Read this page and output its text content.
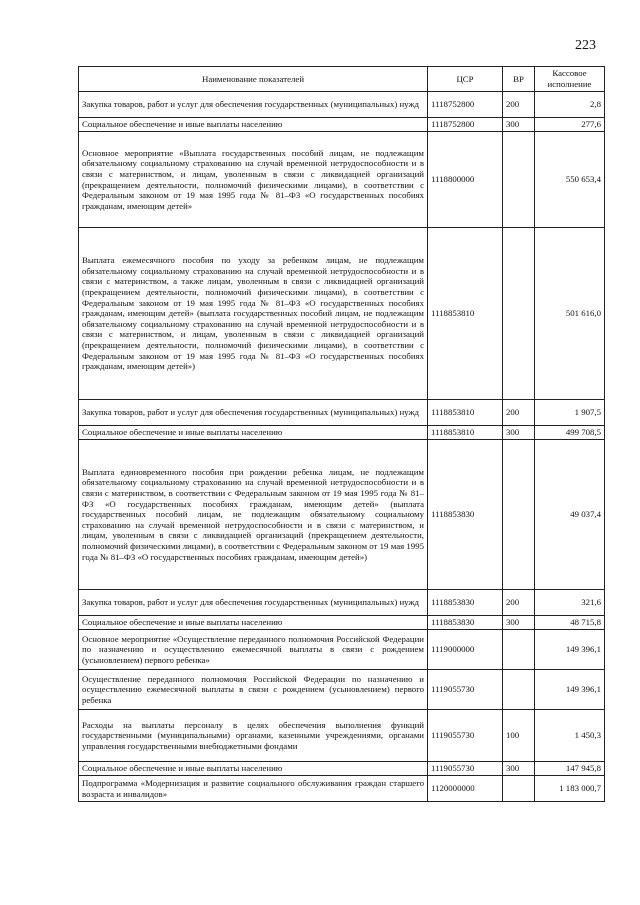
223
Наименование показателей	ЦСР	ВР	Кассовое исполнение
Закупка товаров, работ и услуг для обеспечения государственных (муниципальных) нужд	1118752800	200	2,8
Социальное обеспечение и иные выплаты населению	1118752800	300	277,6
Основное мероприятие «Выплата государственных пособий лицам, не подлежащим обязательному социальному страхованию на случай временной нетрудоспособности и в связи с материнством, и лицам, уволенным в связи с ликвидацией организаций (прекращением деятельности, полномочий физическими лицами), в соответствии с Федеральным законом от 19 мая 1995 года № 81–ФЗ «О государственных пособиях гражданам, имеющим детей»	1118800000		550 653,4
Выплата ежемесячного пособия по уходу за ребенком лицам, не подлежащим обязательному социальному страхованию на случай временной нетрудоспособности и в связи с материнством, а также лицам, уволенным в связи с ликвидацией организаций (прекращением деятельности, полномочий физическими лицами), в соответствии с Федеральным законом от 19 мая 1995 года № 81–ФЗ «О государственных пособиях гражданам, имеющим детей» (выплата государственных пособий лицам, не подлежащим обязательному социальному страхованию на случай временной нетрудоспособности и в связи с материнством, и лицам, уволенным в связи с ликвидацией организаций (прекращением деятельности, полномочий физическими лицами), в соответствии с Федеральным законом от 19 мая 1995 года № 81–ФЗ «О государственных пособиях гражданам, имеющим детей»)	1118853810		501 616,0
Закупка товаров, работ и услуг для обеспечения государственных (муниципальных) нужд	1118853810	200	1 907,5
Социальное обеспечение и иные выплаты населению	1118853810	300	499 708,5
Выплата единовременного пособия при рождении ребенка лицам, не подлежащим обязательному социальному страхованию на случай временной нетрудоспособности и в связи с материнством, в соответствии с Федеральным законом от 19 мая 1995 года № 81–ФЗ «О государственных пособиях гражданам, имеющим детей» (выплата государственных пособий лицам, не подлежащим обязательному социальному страхованию на случай временной нетрудоспособности и в связи с материнством, и лицам, уволенным в связи с ликвидацией организаций (прекращением деятельности, полномочий физическими лицами), в соответствии с Федеральным законом от 19 мая 1995 года № 81–ФЗ «О государственных пособиях гражданам, имеющим детей»)	1118853830		49 037,4
Закупка товаров, работ и услуг для обеспечения государственных (муниципальных) нужд	1118853830	200	321,6
Социальное обеспечение и иные выплаты населению	1118853830	300	48 715,8
Основное мероприятие «Осуществление переданного полномочия Российской Федерации по назначению и осуществлению ежемесячной выплаты в связи с рождением (усыновлением) первого ребенка»	1119000000		149 396,1
Осуществление переданного полномочия Российской Федерации по назначению и осуществлению ежемесячной выплаты в связи с рождением (усыновлением) первого ребенка	1119055730		149 396,1
Расходы на выплаты персоналу в целях обеспечения выполнения функций государственными (муниципальными) органами, казенными учреждениями, органами управления государственными внебюджетными фондами	1119055730	100	1 450,3
Социальное обеспечение и иные выплаты населению	1119055730	300	147 945,8
Подпрограмма «Модернизация и развитие социального обслуживания граждан старшего возраста и инвалидов»	1120000000		1 183 000,7
